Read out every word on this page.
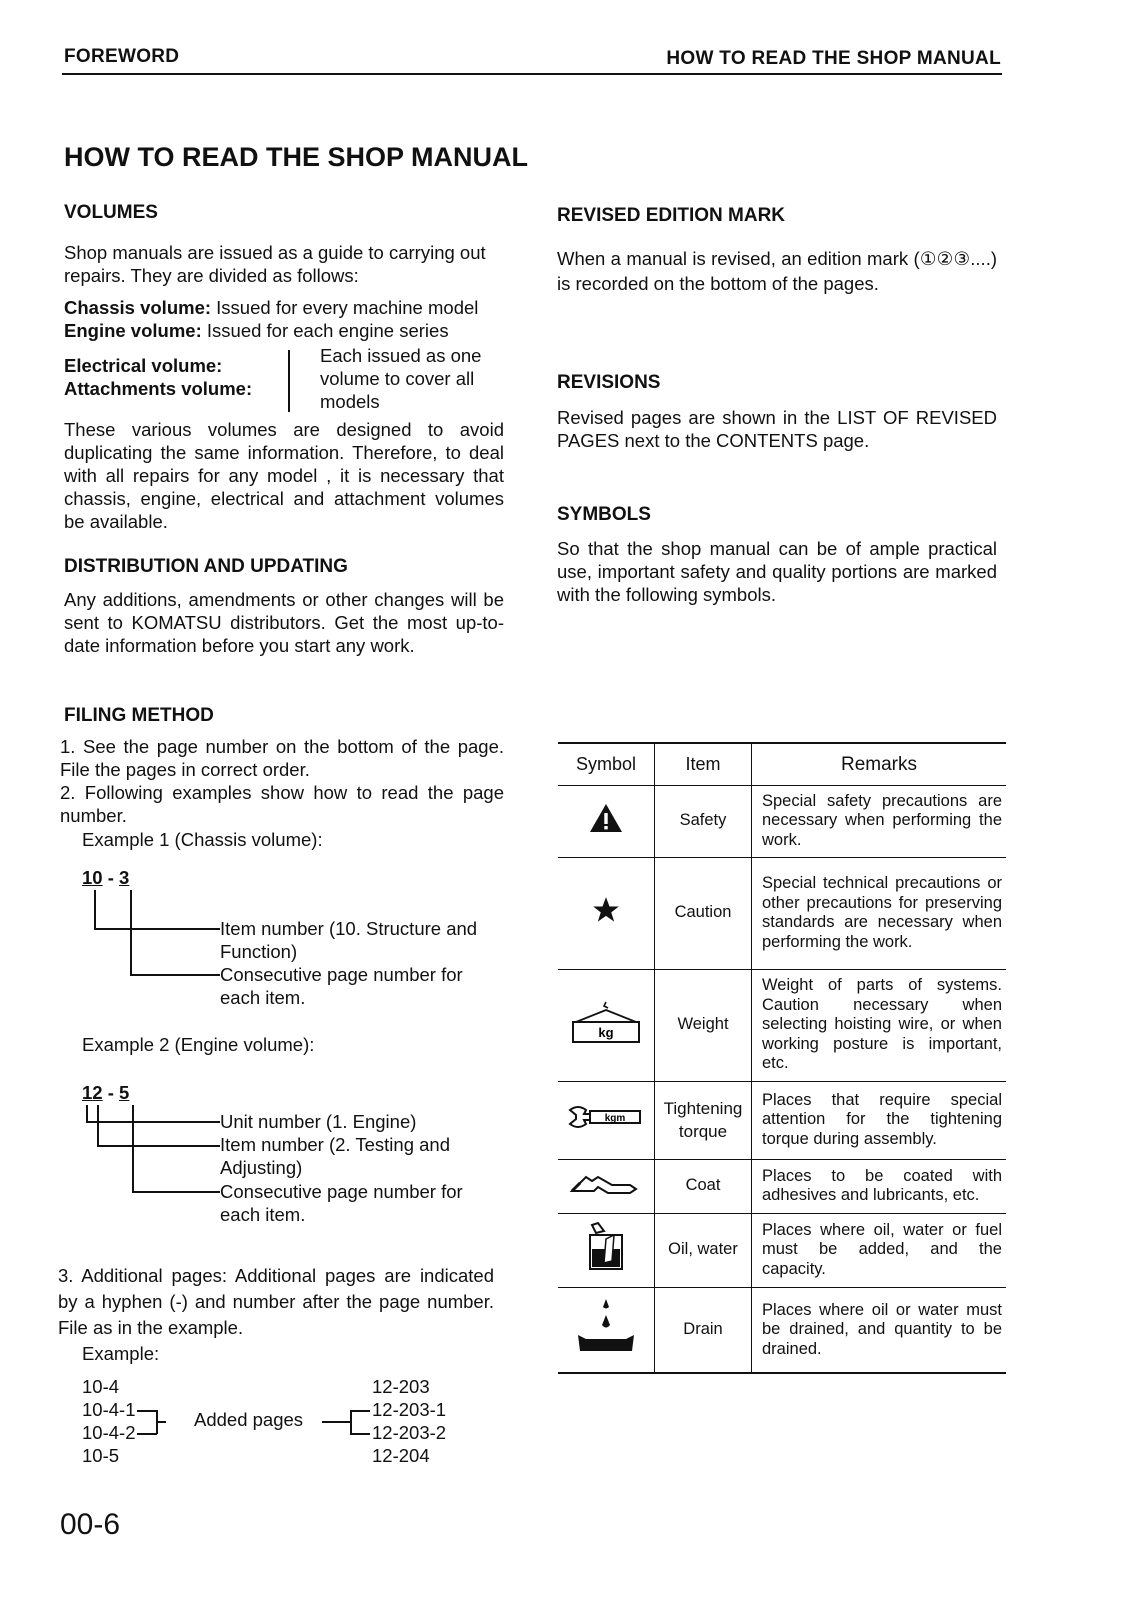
FOREWORD	HOW TO READ THE SHOP MANUAL
HOW TO READ THE SHOP MANUAL
VOLUMES
Shop manuals are issued as a guide to carrying out repairs. They are divided as follows:
Chassis volume: Issued for every machine model
Engine volume: Issued for each engine series
Electrical volume:
Attachments volume:
Each issued as one volume to cover all models
These various volumes are designed to avoid duplicating the same information. Therefore, to deal with all repairs for any model , it is necessary that chassis, engine, electrical and attachment volumes be available.
DISTRIBUTION AND UPDATING
Any additions, amendments or other changes will be sent to KOMATSU distributors. Get the most up-to-date information before you start any work.
FILING METHOD
1. See the page number on the bottom of the page. File the pages in correct order.
2. Following examples show how to read the page number.
Example 1 (Chassis volume):
10 - 3
Item number (10. Structure and Function)
Consecutive page number for each item.
Example 2 (Engine volume):
12 - 5
Unit number (1. Engine)
Item number (2. Testing and Adjusting)
Consecutive page number for each item.
3. Additional pages: Additional pages are indicated by a hyphen (-) and number after the page number. File as in the example.
Example:
10-4
10-4-1
10-4-2
10-5
Added pages
12-203
12-203-1
12-203-2
12-204
00-6
REVISED EDITION MARK
When a manual is revised, an edition mark (①②③....) is recorded on the bottom of the pages.
REVISIONS
Revised pages are shown in the LIST OF REVISED PAGES next to the CONTENTS page.
SYMBOLS
So that the shop manual can be of ample practical use, important safety and quality portions are marked with the following symbols.
Symbol	Item	Remarks
	Safety	Special safety precautions are necessary when performing the work.
	Caution	Special technical precautions or other precautions for preserving standards are necessary when performing the work.

kg	Weight	Weight of parts of systems. Caution necessary when selecting hoisting wire, or when working posture is important, etc.

kgm	Tightening torque	Places that require special attention for the tightening torque during assembly.
	Coat	Places to be coated with adhesives and lubricants, etc.
	Oil, water	Places where oil, water or fuel must be added, and the capacity.
	Drain	Places where oil or water must be drained, and quantity to be drained.
